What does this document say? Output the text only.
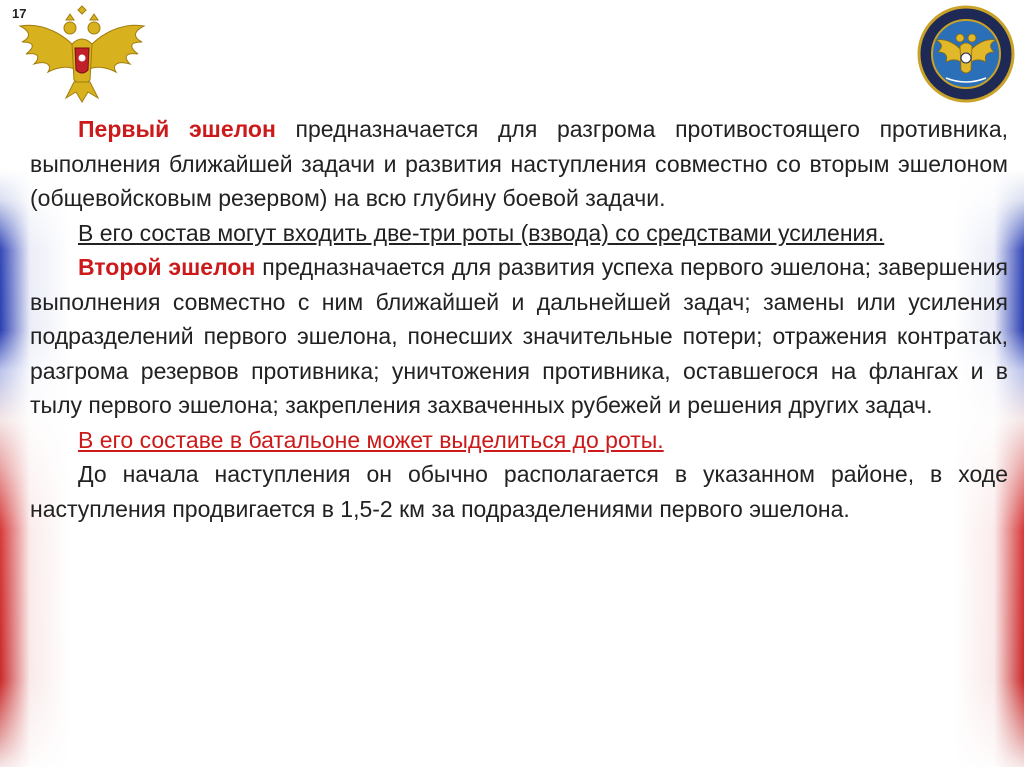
17

Первый эшелон предназначается для разгрома противостоящего противника, выполнения ближайшей задачи и развития наступления совместно со вторым эшелоном (общевойсковым резервом) на всю глубину боевой задачи.

В его состав могут входить две-три роты (взвода) со средствами усиления.

Второй эшелон предназначается для развития успеха первого эшелона; завершения выполнения совместно с ним ближайшей и дальнейшей задач; замены или усиления подразделений первого эшелона, понесших значительные потери; отражения контратак, разгрома резервов противника; уничтожения противника, оставшегося на флангах и в тылу первого эшелона; закрепления захваченных рубежей и решения других задач.

В его составе в батальоне может выделиться до роты.

До начала наступления он обычно располагается в указанном районе, в ходе наступления продвигается в 1,5-2 км за подразделениями первого эшелона.
